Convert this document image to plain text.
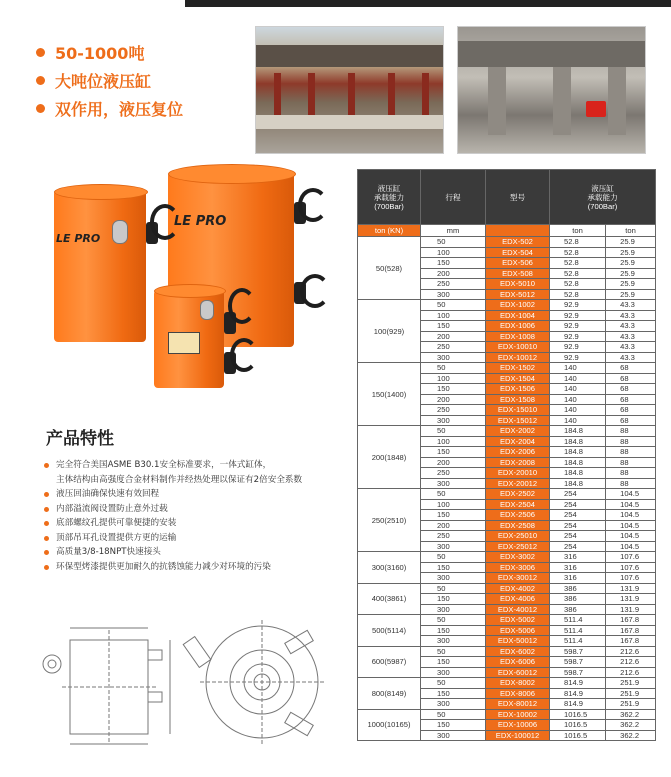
50-1000吨
大吨位液压缸
双作用，液压复位
LE PRO
LE PRO
产品特性
完全符合美国ASME B30.1安全标准要求，一体式缸体，
主体结构由高强度合金材料制作并经热处理以保证有2倍安全系数
液压回油确保快速有效回程
内部溢流阀设置防止意外过载
底部螺纹孔提供可靠便捷的安装
顶部吊耳孔设置提供方更的运输
高质量3/8-18NPT快速接头
环保型烤漆提供更加耐久的抗锈蚀能力减少对环境的污染
液压缸
承载能力
(700Bar)	行程	型号	液压缸
承载能力
(700Bar)	
ton (KN)	mm		ton	ton
50(528)	50	EDX-502	52.8	25.9
	100	EDX-504	52.8	25.9
	150	EDX-506	52.8	25.9
	200	EDX-508	52.8	25.9
	250	EDX-5010	52.8	25.9
	300	EDX-5012	52.8	25.9
100(929)	50	EDX-1002	92.9	43.3
	100	EDX-1004	92.9	43.3
	150	EDX-1006	92.9	43.3
	200	EDX-1008	92.9	43.3
	250	EDX-10010	92.9	43.3
	300	EDX-10012	92.9	43.3
150(1400)	50	EDX-1502	140	68
	100	EDX-1504	140	68
	150	EDX-1506	140	68
	200	EDX-1508	140	68
	250	EDX-15010	140	68
	300	EDX-15012	140	68
200(1848)	50	EDX-2002	184.8	88
	100	EDX-2004	184.8	88
	150	EDX-2006	184.8	88
	200	EDX-2008	184.8	88
	250	EDX-20010	184.8	88
	300	EDX-20012	184.8	88
250(2510)	50	EDX-2502	254	104.5
	100	EDX-2504	254	104.5
	150	EDX-2506	254	104.5
	200	EDX-2508	254	104.5
	250	EDX-25010	254	104.5
	300	EDX-25012	254	104.5
300(3160)	50	EDX-3002	316	107.6
	150	EDX-3006	316	107.6
	300	EDX-30012	316	107.6
400(3861)	50	EDX-4002	386	131.9
	150	EDX-4006	386	131.9
	300	EDX-40012	386	131.9
500(5114)	50	EDX-5002	511.4	167.8
	150	EDX-5006	511.4	167.8
	300	EDX-50012	511.4	167.8
600(5987)	50	EDX-6002	598.7	212.6
	150	EDX-6006	598.7	212.6
	300	EDX-60012	598.7	212.6
800(8149)	50	EDX-8002	814.9	251.9
	150	EDX-8006	814.9	251.9
	300	EDX-80012	814.9	251.9
1000(10165)	50	EDX-10002	1016.5	362.2
	150	EDX-10006	1016.5	362.2
	300	EDX-100012	1016.5	362.2
